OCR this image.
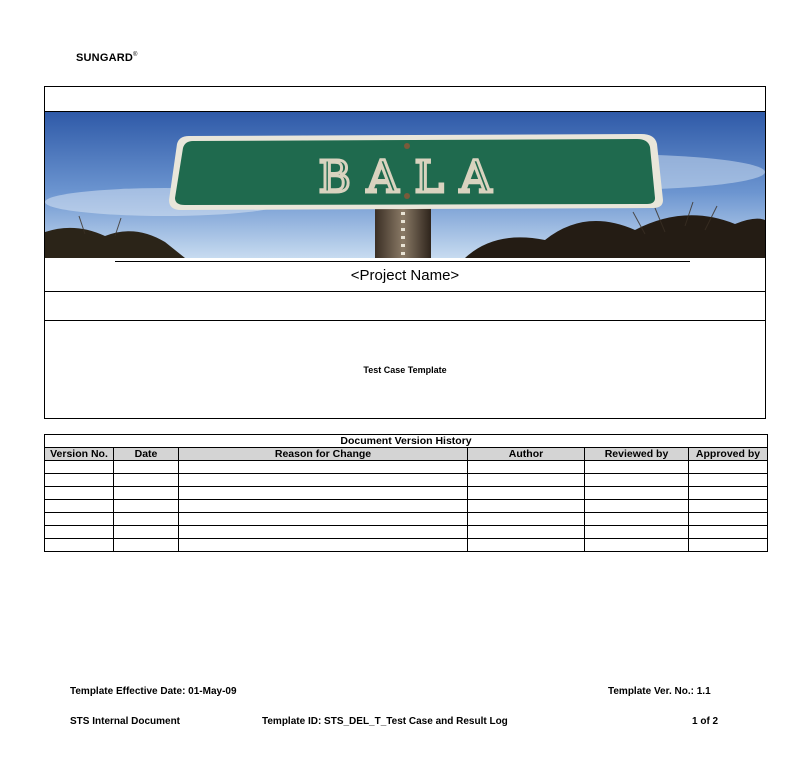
SUNGARD®
BALA
<Project Name>
Test Case Template
Document Version History					
Version No.	Date	Reason for Change	Author	Reviewed by	Approved by

Template Effective Date: 01-May-09	Template Ver. No.: 1.1
STS Internal Document	Template ID: STS_DEL_T_Test Case and Result Log	1 of 2
